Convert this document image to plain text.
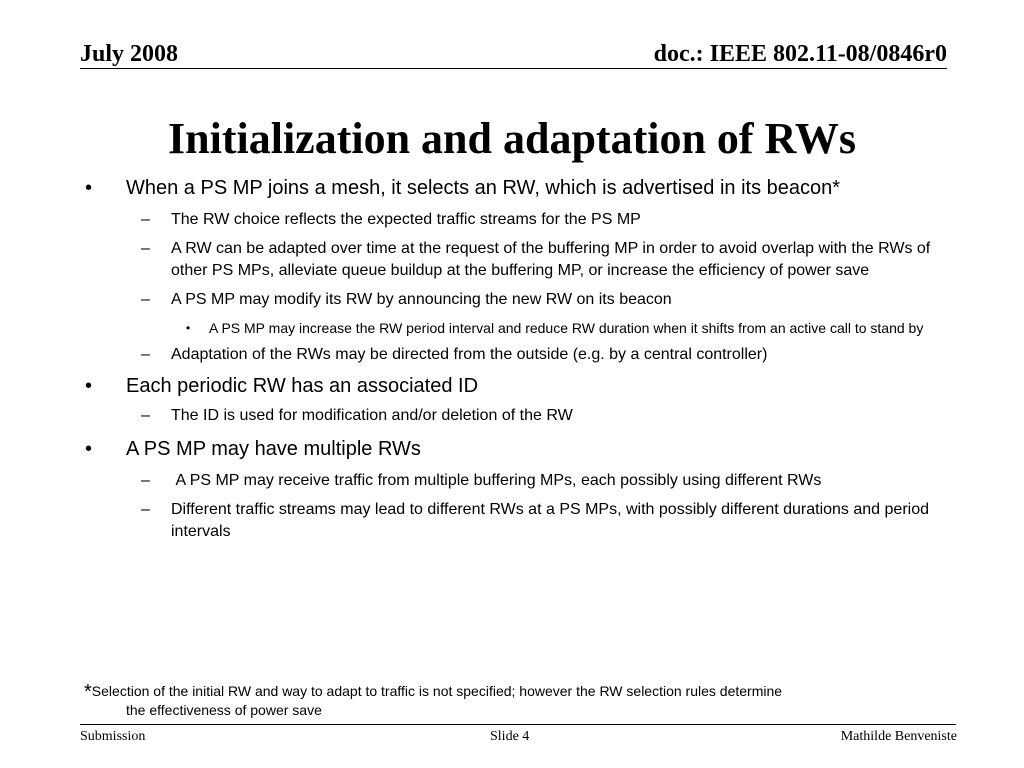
July 2008	doc.: IEEE 802.11-08/0846r0
Initialization and adaptation of RWs
• When a PS MP joins a mesh, it selects an RW, which is advertised in its beacon*
– The RW choice reflects the expected traffic streams for the PS MP
– A RW can be adapted over time at the request of the buffering MP in order to avoid overlap with the RWs of other PS MPs, alleviate queue buildup at the buffering MP, or increase the efficiency of power save
– A PS MP may modify its RW by announcing the new RW on its beacon
• A PS MP may increase the RW period interval and reduce RW duration when it shifts from an active call to stand by
– Adaptation of the RWs may be directed from the outside (e.g. by a central controller)
• Each periodic RW has an associated ID
– The ID is used for modification and/or deletion of the RW
• A PS MP may have multiple RWs
– A PS MP may receive traffic from multiple buffering MPs, each possibly using different RWs
– Different traffic streams may lead to different RWs at a PS MPs, with possibly different durations and period intervals
*Selection of the initial RW and way to adapt to traffic is not specified; however the RW selection rules determine
the effectiveness of power save
Submission	Slide 4	Mathilde Benveniste
